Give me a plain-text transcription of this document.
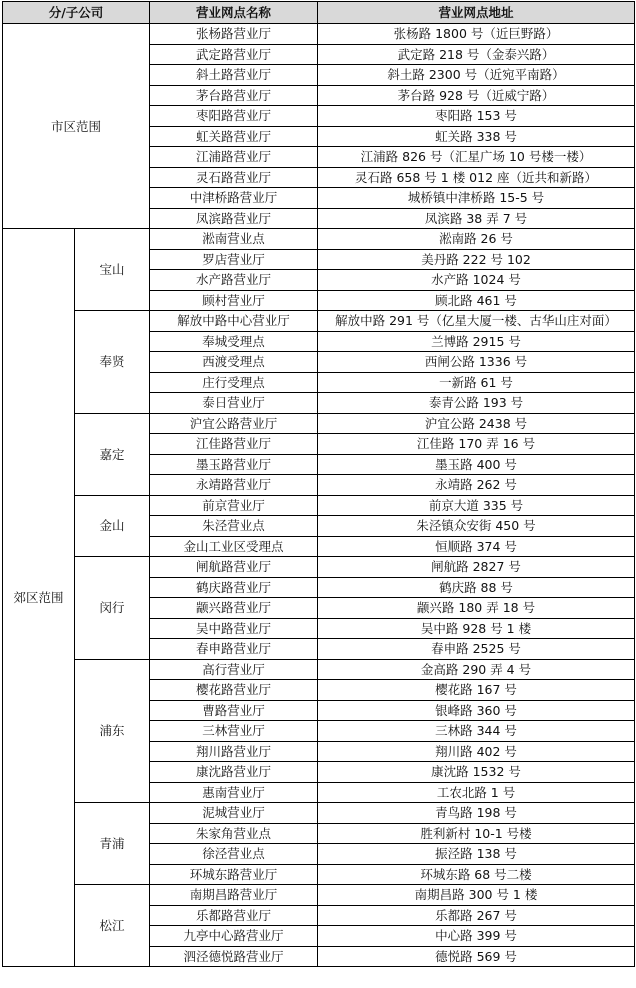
分/子公司		营业网点名称	营业网点地址
市区范围		张杨路营业厅	张杨路 1800 号（近巨野路）
		武定路营业厅	武定路 218 号（金泰兴路）
		斜土路营业厅	斜土路 2300 号（近宛平南路）
		茅台路营业厅	茅台路 928 号（近威宁路）
		枣阳路营业厅	枣阳路 153 号
		虹关路营业厅	虹关路 338 号
		江浦路营业厅	江浦路 826 号（汇星广场 10 号楼一楼）
		灵石路营业厅	灵石路 658 号 1 楼 012 座（近共和新路）
		中津桥路营业厅	城桥镇中津桥路 15-5 号
		凤滨路营业厅	凤滨路 38 弄 7 号
郊区范围	宝山	淞南营业点	淞南路 26 号
		罗店营业厅	美丹路 222 号 102
		水产路营业厅	水产路 1024 号
		顾村营业厅	顾北路 461 号
	奉贤	解放中路中心营业厅	解放中路 291 号（亿星大厦一楼、古华山庄对面）
		奉城受理点	兰博路 2915 号
		西渡受理点	西闸公路 1336 号
		庄行受理点	一新路 61 号
		泰日营业厅	泰青公路 193 号
	嘉定	沪宜公路营业厅	沪宜公路 2438 号
		江佳路营业厅	江佳路 170 弄 16 号
		墨玉路营业厅	墨玉路 400 号
		永靖路营业厅	永靖路 262 号
	金山	前京营业厅	前京大道 335 号
		朱泾营业点	朱泾镇众安街 450 号
		金山工业区受理点	恒顺路 374 号
	闵行	闸航路营业厅	闸航路 2827 号
		鹤庆路营业厅	鹤庆路 88 号
		颛兴路营业厅	颛兴路 180 弄 18 号
		吴中路营业厅	吴中路 928 号 1 楼
		春申路营业厅	春申路 2525 号
	浦东	高行营业厅	金高路 290 弄 4 号
		樱花路营业厅	樱花路 167 号
		曹路营业厅	银峰路 360 号
		三林营业厅	三林路 344 号
		翔川路营业厅	翔川路 402 号
		康沈路营业厅	康沈路 1532 号
		惠南营业厅	工农北路 1 号
	青浦	泥城营业厅	青鸟路 198 号
		朱家角营业点	胜利新村 10-1 号楼
		徐泾营业点	振泾路 138 号
		环城东路营业厅	环城东路 68 号二楼
	松江	南期昌路营业厅	南期昌路 300 号 1 楼
		乐都路营业厅	乐都路 267 号
		九亭中心路营业厅	中心路 399 号
		泗泾德悦路营业厅	德悦路 569 号
